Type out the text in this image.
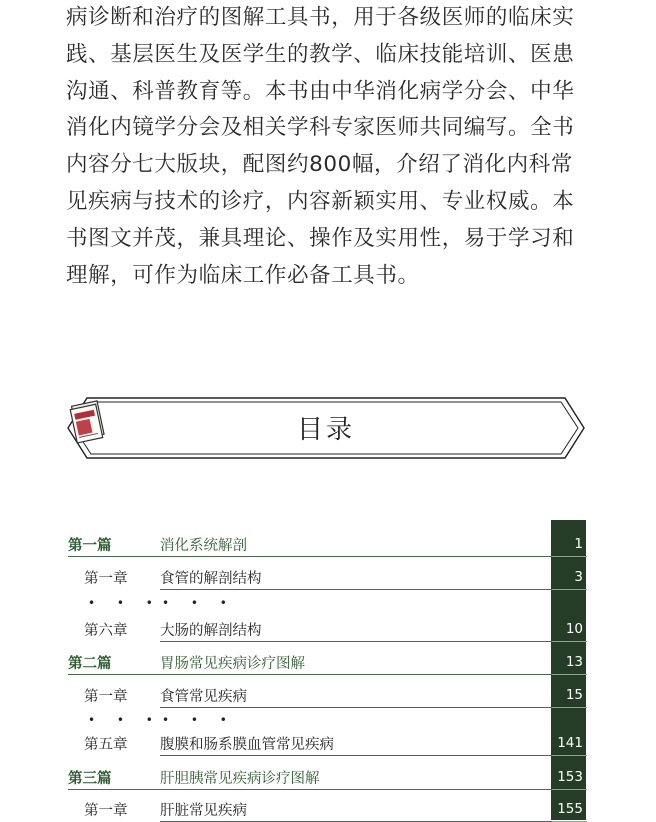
病诊断和治疗的图解工具书，用于各级医师的临床实
践、基层医生及医学生的教学、临床技能培训、医患
沟通、科普教育等。本书由中华消化病学分会、中华
消化内镜学分会及相关学科专家医师共同编写。全书
内容分七大版块，配图约800幅，介绍了消化内科常
见疾病与技术的诊疗，内容新颖实用、专业权威。本
书图文并茂，兼具理论、操作及实用性，易于学习和
理解，可作为临床工作必备工具书。

目录
第一篇	消化系统解剖	1
第一章 食管的解剖结构	3
• • • • • •
第六章 大肠的解剖结构	10
第二篇	胃肠常见疾病诊疗图解	13
第一章 食管常见疾病	15
• • • • • •
第五章 腹膜和肠系膜血管常见疾病	141
第三篇	肝胆胰常见疾病诊疗图解	153
第一章 肝脏常见疾病	155
